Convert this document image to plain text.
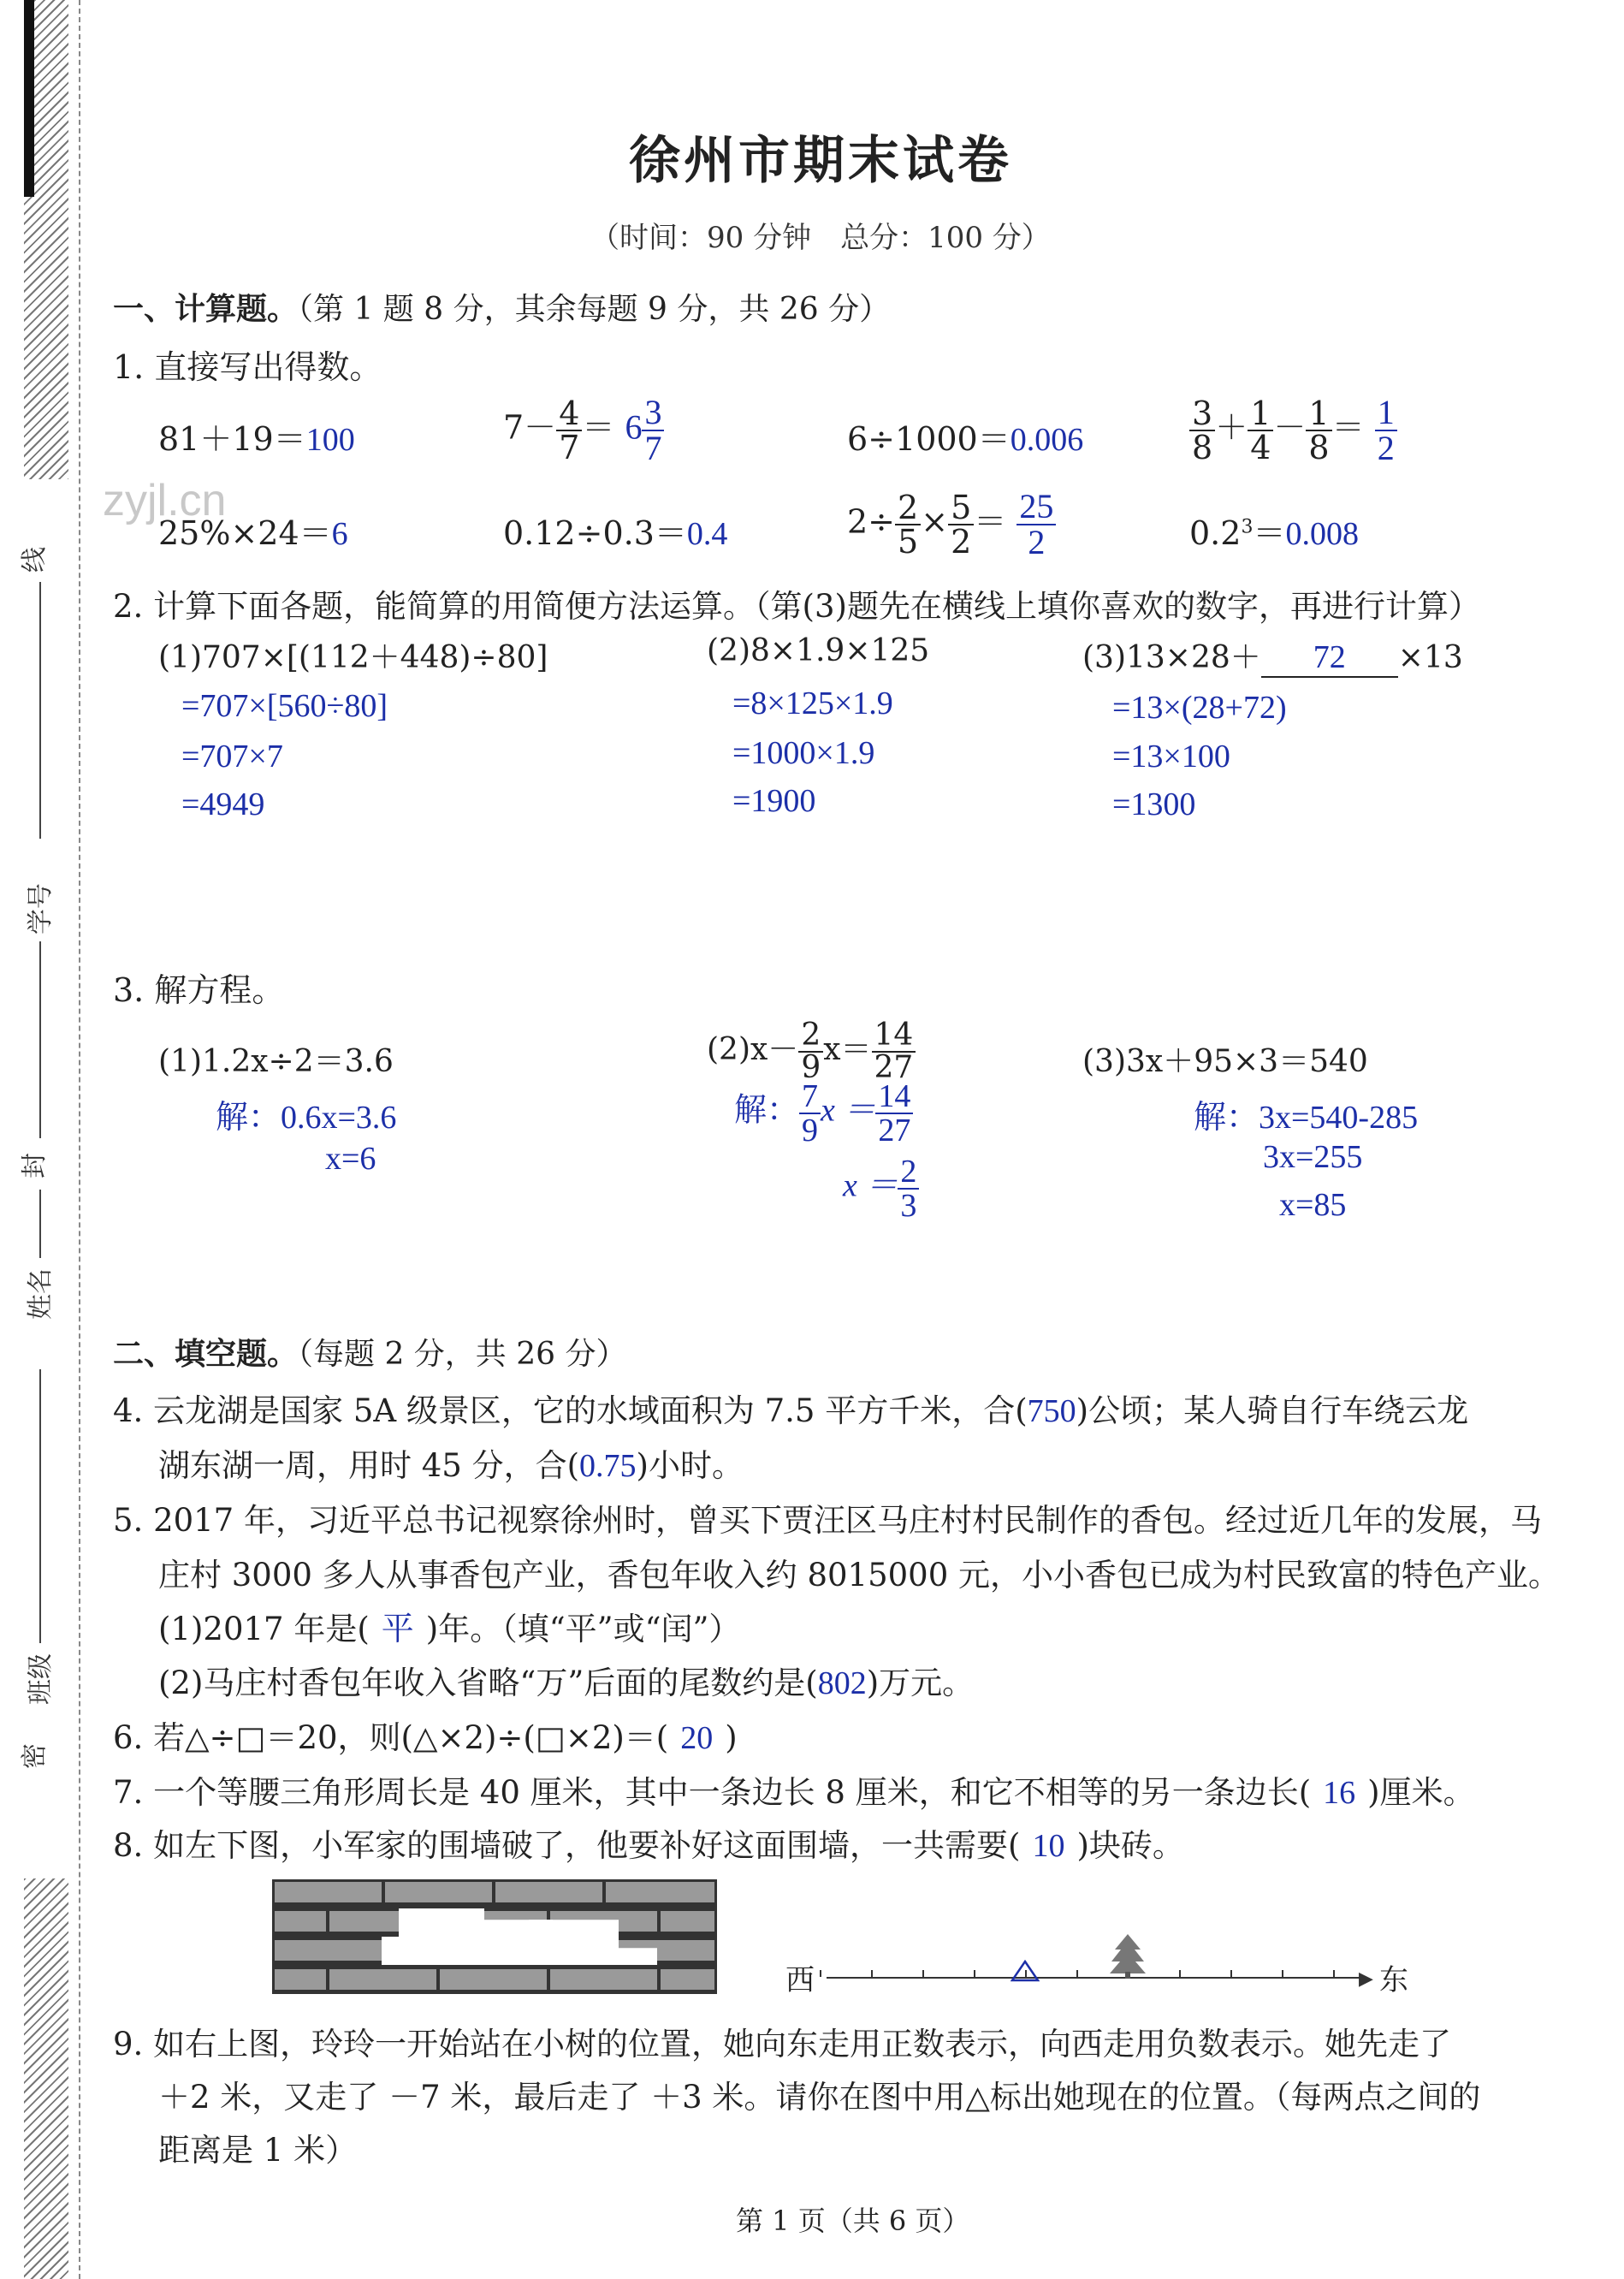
线
学号
封
姓名
班级
密
徐州市期末试卷
（时间：90 分钟　总分：100 分）
一、计算题。（第 1 题 8 分，其余每题 9 分，共 26 分）
1. 直接写出得数。
81＋19＝100	$7- \frac{4}{7} = 6 \frac{3}{7}$	6÷1000＝0.006	$\frac{3}{8} + \frac{1}{4} - \frac{1}{8} = \frac{1}{2}$
zyjl.cn
25%×24＝6	0.12÷0.3＝0.4	$2\div \frac{2}{5} \times \frac{5}{2} = \frac{25}{2}$	$0.2^3=0.008$
2. 计算下面各题，能简算的用简便方法运算。（第(3)题先在横线上填你喜欢的数字，再进行计算）
(1)707×[(112＋448)÷80]
=707×[560÷80]
=707×7
=4949
(2)8×1.9×125
=8×125×1.9
=1000×1.9
=1900
(3)13×28＋ 72 ×13
=13×(28+72)
=13×100
=1300
3. 解方程。
(1)1.2x÷2＝3.6
解：0.6x=3.6
x=6
$(2)x- \frac{2}{9} x= \frac{14}{27}$
解： $\frac{7}{9}$ $x = \frac{14}{27}$
$x = \frac{2}{3}$
(3)3x＋95×3＝540
解：3x=540-285
3x=255
x=85
二、填空题。（每题 2 分，共 26 分）
4. 云龙湖是国家 5A 级景区，它的水域面积为 7.5 平方千米，合(750)公顷；某人骑自行车绕云龙
湖东湖一周，用时 45 分，合(0.75)小时。
5. 2017 年，习近平总书记视察徐州时，曾买下贾汪区马庄村村民制作的香包。经过近几年的发展，马
庄村 3000 多人从事香包产业，香包年收入约 8015000 元，小小香包已成为村民致富的特色产业。
(1)2017 年是( 平 )年。（填“平”或“闰”）
(2)马庄村香包年收入省略“万”后面的尾数约是(802)万元。
6. 若△÷□＝20，则(△×2)÷(□×2)＝( 20 )
7. 一个等腰三角形周长是 40 厘米，其中一条边长 8 厘米，和它不相等的另一条边长( 16 )厘米。
8. 如左下图，小军家的围墙破了，他要补好这面围墙，一共需要( 10 )块砖。
西	东
▶
9. 如右上图，玲玲一开始站在小树的位置，她向东走用正数表示，向西走用负数表示。她先走了
＋2 米，又走了 －7 米，最后走了 ＋3 米。请你在图中用△标出她现在的位置。（每两点之间的
距离是 1 米）
第 1 页（共 6 页）
